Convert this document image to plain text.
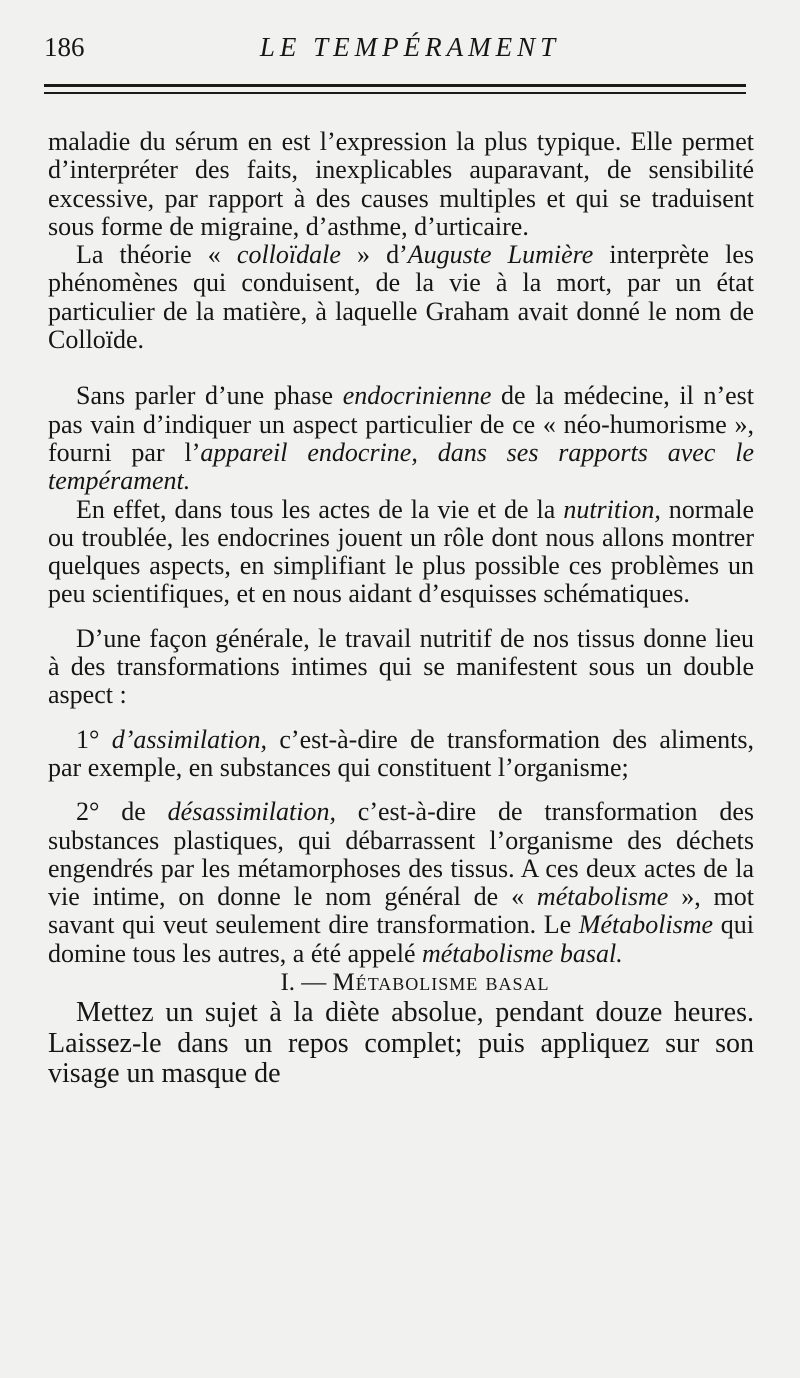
186	LE TEMPÉRAMENT

maladie du sérum en est l’expression la plus typique. Elle permet d’interpréter des faits, inexplicables auparavant, de sensibilité excessive, par rapport à des causes multiples et qui se traduisent sous forme de migraine, d’asthme, d’urticaire.

La théorie « colloïdale » d’Auguste Lumière interprète les phénomènes qui conduisent, de la vie à la mort, par un état particulier de la matière, à laquelle Graham avait donné le nom de Colloïde.

Sans parler d’une phase endocrinienne de la médecine, il n’est pas vain d’indiquer un aspect particulier de ce « néo-humorisme », fourni par l’appareil endocrine, dans ses rapports avec le tempérament.

En effet, dans tous les actes de la vie et de la nutrition, normale ou troublée, les endocrines jouent un rôle dont nous allons montrer quelques aspects, en simplifiant le plus possible ces problèmes un peu scientifiques, et en nous aidant d’esquisses schématiques.

D’une façon générale, le travail nutritif de nos tissus donne lieu à des transformations intimes qui se manifestent sous un double aspect :

1° d’assimilation, c’est-à-dire de transformation des aliments, par exemple, en substances qui constituent l’organisme;

2° de désassimilation, c’est-à-dire de transformation des substances plastiques, qui débarrassent l’organisme des déchets engendrés par les métamorphoses des tissus. A ces deux actes de la vie intime, on donne le nom général de « métabolisme », mot savant qui veut seulement dire transformation. Le Métabolisme qui domine tous les autres, a été appelé métabolisme basal.

I. — Métabolisme basal

Mettez un sujet à la diète absolue, pendant douze heures. Laissez-le dans un repos complet; puis appliquez sur son visage un masque de
